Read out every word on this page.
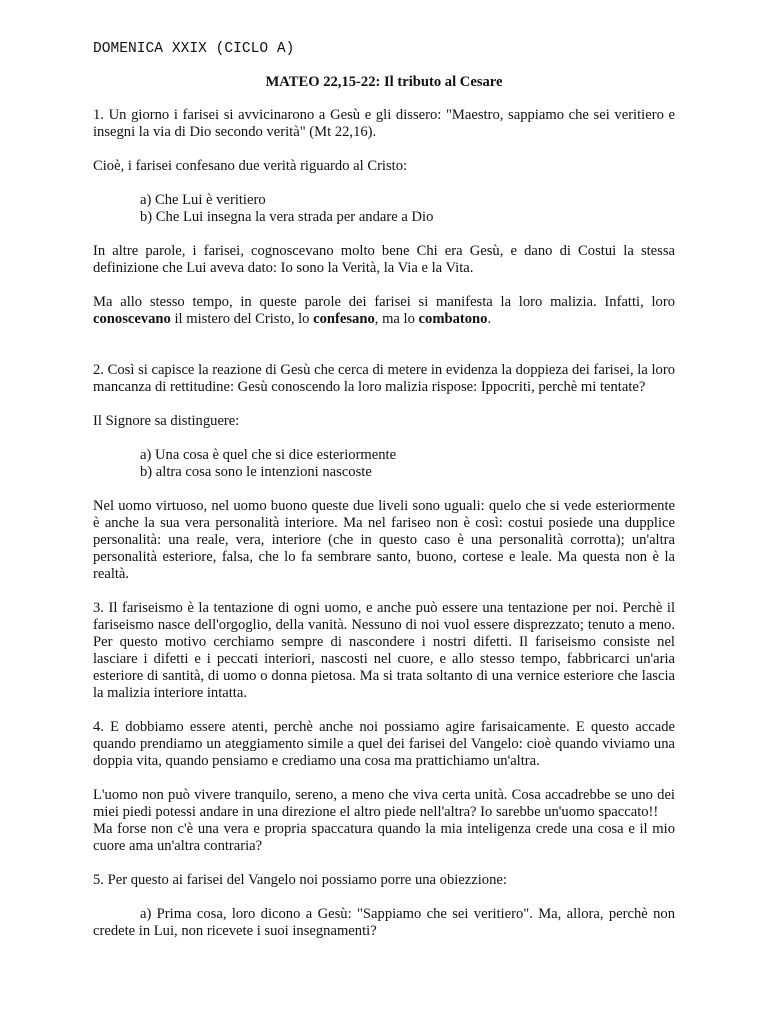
DOMENICA XXIX (CICLO A)
MATEO 22,15-22: Il tributo al Cesare

1. Un giorno i farisei si avvicinarono a Gesù e gli dissero: "Maestro, sappiamo che sei veritiero e insegni la via di Dio secondo verità" (Mt 22,16).

Cioè, i farisei confesano due verità riguardo al Cristo:

a) Che Lui è veritiero
b) Che Lui insegna la vera strada per andare a Dio

In altre parole, i farisei, cognoscevano molto bene Chi era Gesù, e dano di Costui la stessa definizione che Lui aveva dato: Io sono la Verità, la Via e la Vita.

Ma allo stesso tempo, in queste parole dei farisei si manifesta la loro malizia. Infatti, loro conoscevano il mistero del Cristo, lo confesano, ma lo combatono.

2. Così si capisce la reazione di Gesù che cerca di metere in evidenza la doppieza dei farisei, la loro mancanza di rettitudine: Gesù conoscendo la loro malizia rispose: Ippocriti, perchè mi tentate?

Il Signore sa distinguere:

a) Una cosa è quel che si dice esteriormente
b) altra cosa sono le intenzioni nascoste

Nel uomo virtuoso, nel uomo buono queste due liveli sono uguali: quelo che si vede esteriormente è anche la sua vera personalità interiore. Ma nel fariseo non è così: costui posiede una dupplice personalità: una reale, vera, interiore (che in questo caso è una personalità corrotta); un'altra personalità esteriore, falsa, che lo fa sembrare santo, buono, cortese e leale. Ma questa non è la realtà.

3. Il fariseismo è la tentazione di ogni uomo, e anche può essere una tentazione per noi. Perchè il fariseismo nasce dell'orgoglio, della vanità. Nessuno di noi vuol essere disprezzato; tenuto a meno. Per questo motivo cerchiamo sempre di nascondere i nostri difetti. Il fariseismo consiste nel lasciare i difetti e i peccati interiori, nascosti nel cuore, e allo stesso tempo, fabbricarci un'aria esteriore di santità, di uomo o donna pietosa. Ma si trata soltanto di una vernice esteriore che lascia la malizia interiore intatta.

4. E dobbiamo essere atenti, perchè anche noi possiamo agire farisaicamente. E questo accade quando prendiamo un ateggiamento simile a quel dei farisei del Vangelo: cioè quando viviamo una doppia vita, quando pensiamo e crediamo una cosa ma prattichiamo un'altra.

L'uomo non può vivere tranquilo, sereno, a meno che viva certa unità. Cosa accadrebbe se uno dei miei piedi potessi andare in una direzione el altro piede nell'altra? Io sarebbe un'uomo spaccato!!
Ma forse non c'è una vera e propria spaccatura quando la mia inteligenza crede una cosa e il mio cuore ama un'altra contraria?

5. Per questo ai farisei del Vangelo noi possiamo porre una obiezzione:

a) Prima cosa, loro dicono a Gesù: "Sappiamo che sei veritiero". Ma, allora, perchè non credete in Lui, non ricevete i suoi insegnamenti?
